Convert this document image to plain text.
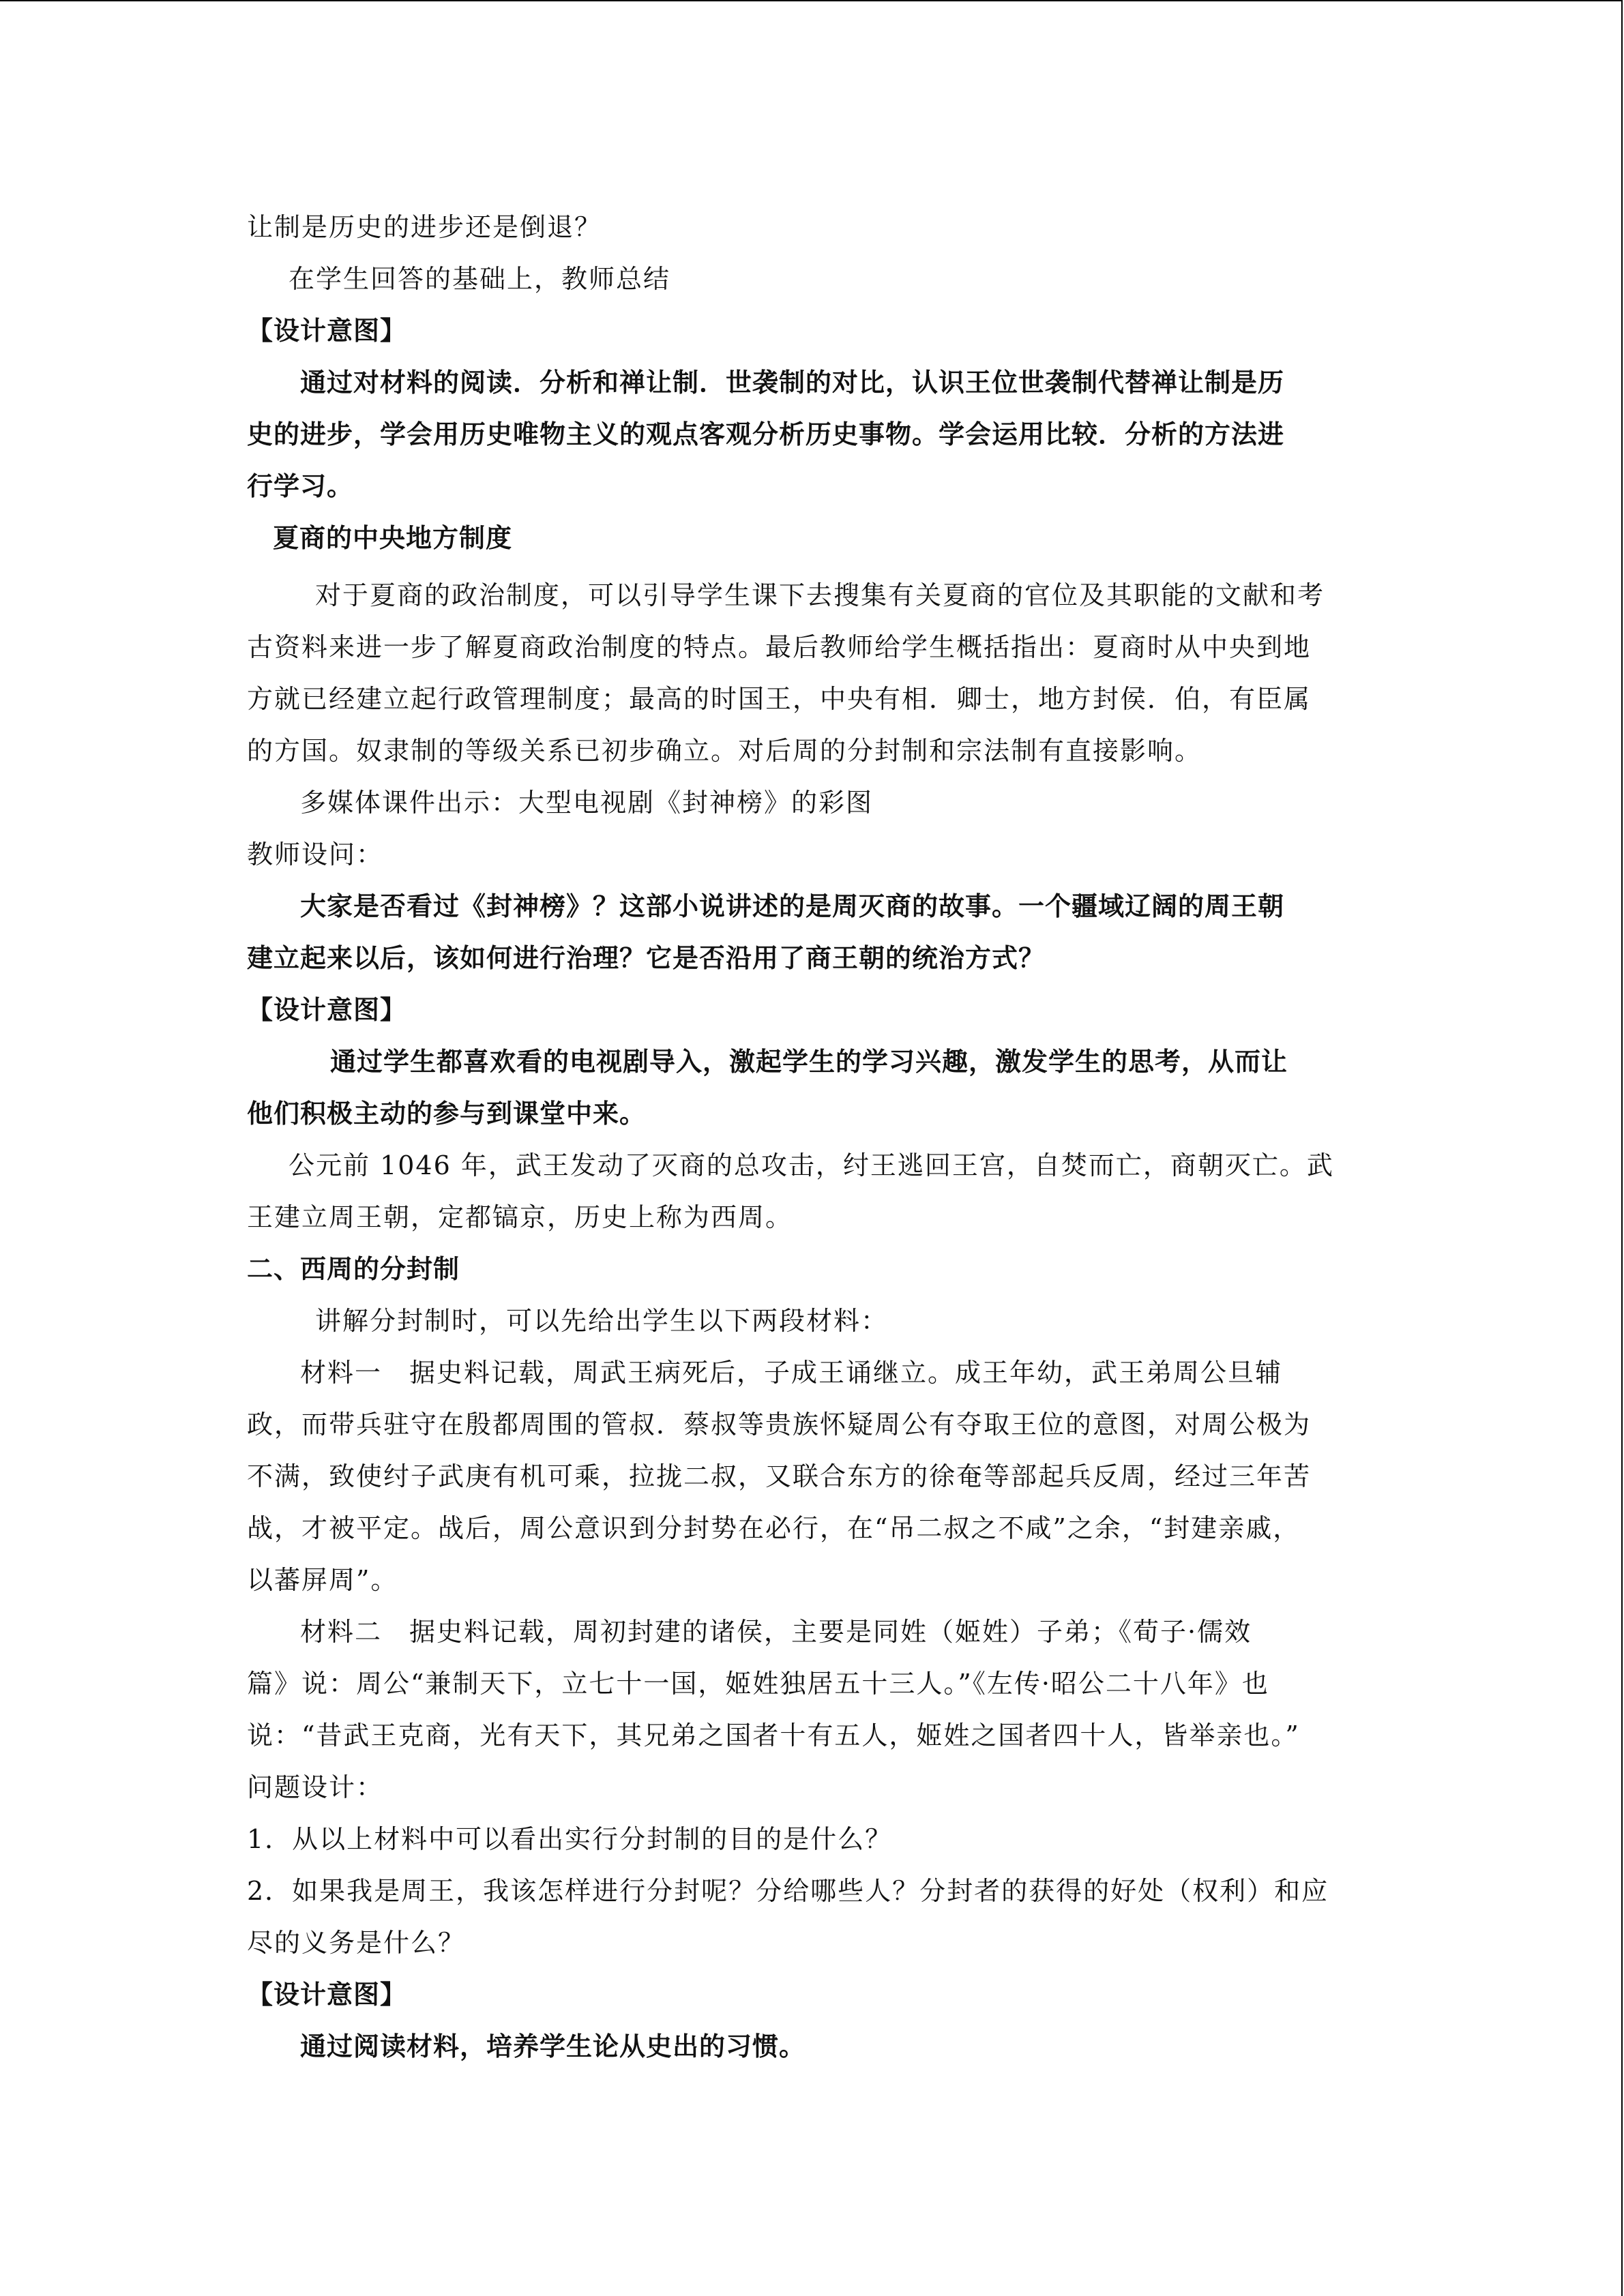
让制是历史的进步还是倒退？
在学生回答的基础上，教师总结
【设计意图】
通过对材料的阅读．分析和禅让制．世袭制的对比，认识王位世袭制代替禅让制是历
史的进步，学会用历史唯物主义的观点客观分析历史事物。学会运用比较．分析的方法进
行学习。
夏商的中央地方制度
对于夏商的政治制度，可以引导学生课下去搜集有关夏商的官位及其职能的文献和考
古资料来进一步了解夏商政治制度的特点。最后教师给学生概括指出：夏商时从中央到地
方就已经建立起行政管理制度；最高的时国王，中央有相．卿士，地方封侯．伯，有臣属
的方国。奴隶制的等级关系已初步确立。对后周的分封制和宗法制有直接影响。
多媒体课件出示：大型电视剧《封神榜》的彩图
教师设问：
大家是否看过《封神榜》？这部小说讲述的是周灭商的故事。一个疆域辽阔的周王朝
建立起来以后，该如何进行治理？它是否沿用了商王朝的统治方式？
【设计意图】
通过学生都喜欢看的电视剧导入，激起学生的学习兴趣，激发学生的思考，从而让
他们积极主动的参与到课堂中来。
公元前 1046 年，武王发动了灭商的总攻击，纣王逃回王宫，自焚而亡，商朝灭亡。武
王建立周王朝，定都镐京，历史上称为西周。
二、西周的分封制
讲解分封制时，可以先给出学生以下两段材料：
材料一　据史料记载，周武王病死后，子成王诵继立。成王年幼，武王弟周公旦辅
政，而带兵驻守在殷都周围的管叔．蔡叔等贵族怀疑周公有夺取王位的意图，对周公极为
不满，致使纣子武庚有机可乘，拉拢二叔，又联合东方的徐奄等部起兵反周，经过三年苦
战，才被平定。战后，周公意识到分封势在必行，在“吊二叔之不咸”之余，“封建亲戚，
以蕃屏周”。
材料二　据史料记载，周初封建的诸侯，主要是同姓（姬姓）子弟；《荀子·儒效
篇》说：周公“兼制天下，立七十一国，姬姓独居五十三人。”《左传·昭公二十八年》也
说：“昔武王克商，光有天下，其兄弟之国者十有五人，姬姓之国者四十人，皆举亲也。”
问题设计：
1．从以上材料中可以看出实行分封制的目的是什么？
2．如果我是周王，我该怎样进行分封呢？分给哪些人？分封者的获得的好处（权利）和应
尽的义务是什么？
【设计意图】
通过阅读材料，培养学生论从史出的习惯。
